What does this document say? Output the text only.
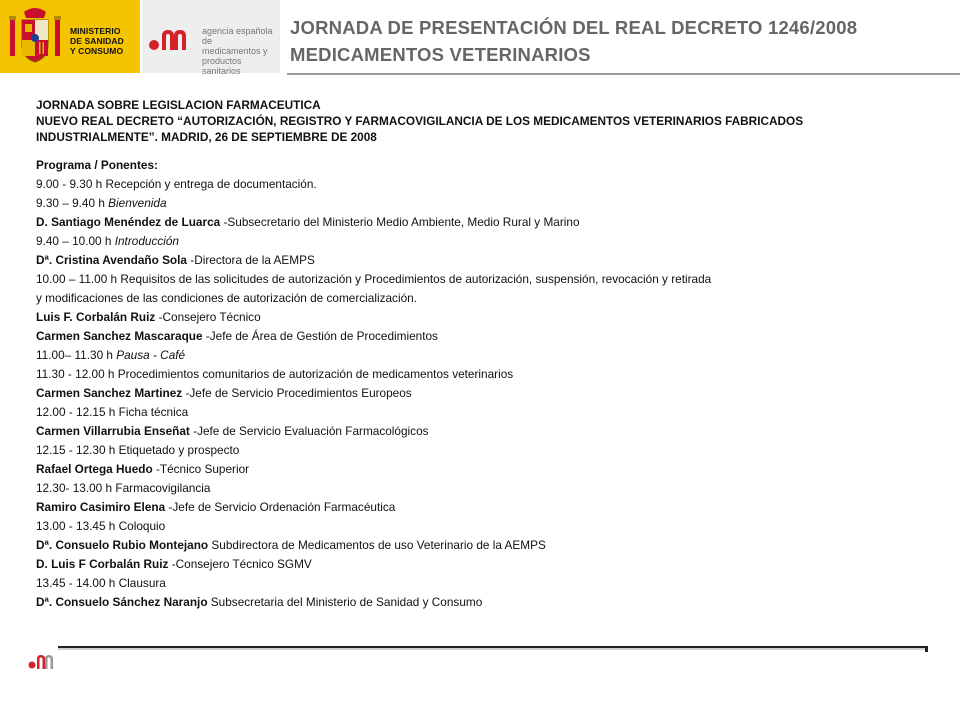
MINISTERIO
DE SANIDAD
Y CONSUMO
agencia española de
medicamentos y
productos sanitarios
JORNADA DE PRESENTACIÓN DEL REAL DECRETO 1246/2008
MEDICAMENTOS VETERINARIOS
JORNADA SOBRE LEGISLACION FARMACEUTICA
NUEVO REAL DECRETO “AUTORIZACIÓN, REGISTRO Y FARMACOVIGILANCIA DE LOS MEDICAMENTOS VETERINARIOS FABRICADOS INDUSTRIALMENTE”. MADRID, 26 DE SEPTIEMBRE DE 2008
Programa / Ponentes:
9.00 - 9.30 h Recepción y entrega de documentación.
9.30 – 9.40 h Bienvenida
D. Santiago Menéndez de Luarca -Subsecretario del Ministerio Medio Ambiente, Medio Rural y Marino
9.40 – 10.00 h Introducción
Dª. Cristina Avendaño Sola -Directora de la AEMPS
10.00 – 11.00 h Requisitos de las solicitudes de autorización y Procedimientos de autorización, suspensión, revocación y retirada
y modificaciones de las condiciones de autorización de comercialización.
Luis F. Corbalán Ruiz -Consejero Técnico
Carmen Sanchez Mascaraque -Jefe de Área de Gestión de Procedimientos
11.00– 11.30 h Pausa - Café
11.30 - 12.00 h Procedimientos comunitarios de autorización de medicamentos veterinarios
Carmen Sanchez Martinez -Jefe de Servicio Procedimientos Europeos
12.00 - 12.15 h Ficha técnica
Carmen Villarrubia Enseñat -Jefe de Servicio Evaluación Farmacológicos
12.15 - 12.30 h Etiquetado y prospecto
Rafael Ortega Huedo -Técnico Superior
12.30- 13.00 h Farmacovigilancia
Ramiro Casimiro Elena -Jefe de Servicio Ordenación Farmacéutica
13.00 - 13.45 h Coloquio
Dª. Consuelo Rubio Montejano Subdirectora de Medicamentos de uso Veterinario de la AEMPS
D. Luis F Corbalán Ruiz -Consejero Técnico SGMV
13.45 - 14.00 h Clausura
Dª. Consuelo Sánchez Naranjo Subsecretaria del Ministerio de Sanidad y Consumo
